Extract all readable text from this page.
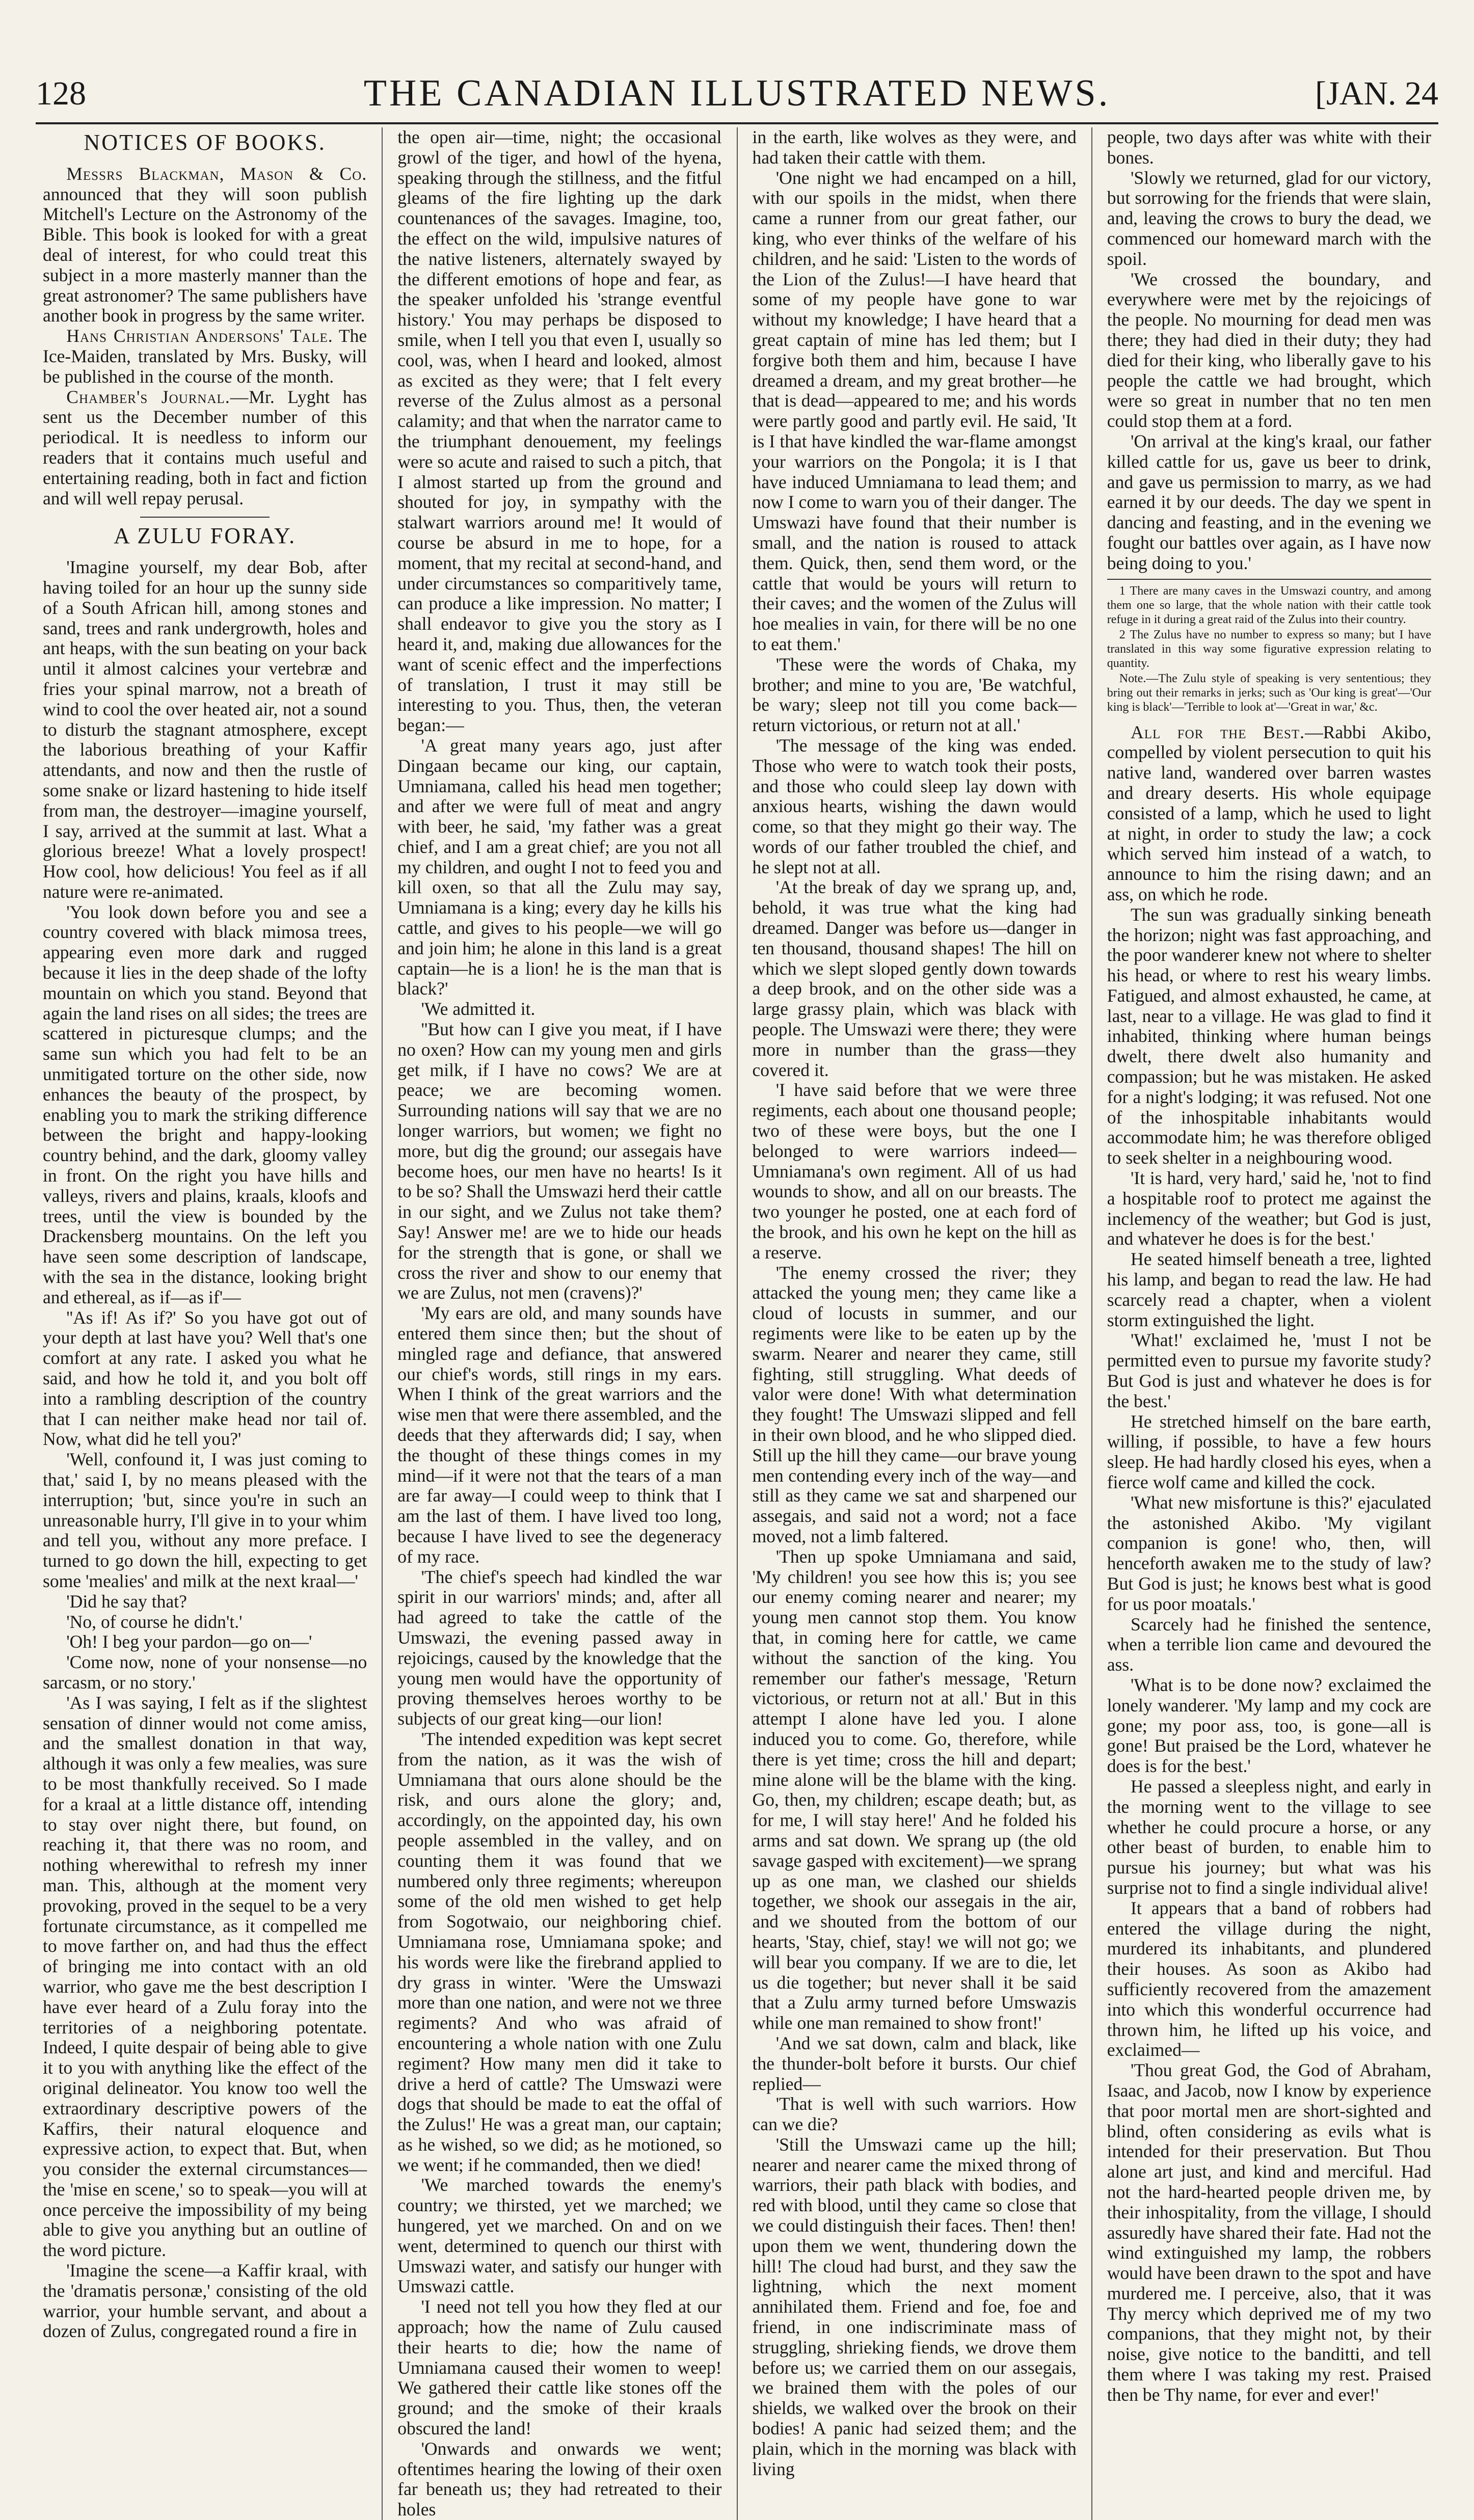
128	THE CANADIAN ILLUSTRATED NEWS.	[JAN. 24
NOTICES OF BOOKS.

Messrs Blackman, Mason & Co. announced that they will soon publish Mitchell's Lecture on the Astronomy of the Bible. This book is looked for with a great deal of interest, for who could treat this subject in a more masterly manner than the great astronomer? The same publishers have another book in progress by the same writer.

Hans Christian Andersons' Tale. The Ice-Maiden, translated by Mrs. Busky, will be published in the course of the month.

Chamber's Journal.—Mr. Lyght has sent us the December number of this periodical. It is needless to inform our readers that it contains much useful and entertaining reading, both in fact and fiction and will well repay perusal.

A ZULU FORAY.

'Imagine yourself, my dear Bob, after having toiled for an hour up the sunny side of a South African hill, among stones and sand, trees and rank undergrowth, holes and ant heaps, with the sun beating on your back until it almost calcines your vertebræ and fries your spinal marrow, not a breath of wind to cool the over heated air, not a sound to disturb the stagnant atmosphere, except the laborious breathing of your Kaffir attendants, and now and then the rustle of some snake or lizard hastening to hide itself from man, the destroyer—imagine yourself, I say, arrived at the summit at last. What a glorious breeze! What a lovely prospect! How cool, how delicious! You feel as if all nature were re-animated.

'You look down before you and see a country covered with black mimosa trees, appearing even more dark and rugged because it lies in the deep shade of the lofty mountain on which you stand. Beyond that again the land rises on all sides; the trees are scattered in picturesque clumps; and the same sun which you had felt to be an unmitigated torture on the other side, now enhances the beauty of the prospect, by enabling you to mark the striking difference between the bright and happy-looking country behind, and the dark, gloomy valley in front. On the right you have hills and valleys, rivers and plains, kraals, kloofs and trees, until the view is bounded by the Drackensberg mountains. On the left you have seen some description of landscape, with the sea in the distance, looking bright and ethereal, as if—as if'—

''As if! As if?' So you have got out of your depth at last have you? Well that's one comfort at any rate. I asked you what he said, and how he told it, and you bolt off into a rambling description of the country that I can neither make head nor tail of. Now, what did he tell you?'

'Well, confound it, I was just coming to that,' said I, by no means pleased with the interruption; 'but, since you're in such an unreasonable hurry, I'll give in to your whim and tell you, without any more preface. I turned to go down the hill, expecting to get some 'mealies' and milk at the next kraal—'

'Did he say that?

'No, of course he didn't.'

'Oh! I beg your pardon—go on—'

'Come now, none of your nonsense—no sarcasm, or no story.'

'As I was saying, I felt as if the slightest sensation of dinner would not come amiss, and the smallest donation in that way, although it was only a few mealies, was sure to be most thankfully received. So I made for a kraal at a little distance off, intending to stay over night there, but found, on reaching it, that there was no room, and nothing wherewithal to refresh my inner man. This, although at the moment very provoking, proved in the sequel to be a very fortunate circumstance, as it compelled me to move farther on, and had thus the effect of bringing me into contact with an old warrior, who gave me the best description I have ever heard of a Zulu foray into the territories of a neighboring potentate. Indeed, I quite despair of being able to give it to you with anything like the effect of the original delineator. You know too well the extraordinary descriptive powers of the Kaffirs, their natural eloquence and expressive action, to expect that. But, when you consider the external circumstances—the 'mise en scene,' so to speak—you will at once perceive the impossibility of my being able to give you anything but an outline of the word picture.

'Imagine the scene—a Kaffir kraal, with the 'dramatis personæ,' consisting of the old warrior, your humble servant, and about a dozen of Zulus, congregated round a fire in

the open air—time, night; the occasional growl of the tiger, and howl of the hyena, speaking through the stillness, and the fitful gleams of the fire lighting up the dark countenances of the savages. Imagine, too, the effect on the wild, impulsive natures of the native listeners, alternately swayed by the different emotions of hope and fear, as the speaker unfolded his 'strange eventful history.' You may perhaps be disposed to smile, when I tell you that even I, usually so cool, was, when I heard and looked, almost as excited as they were; that I felt every reverse of the Zulus almost as a personal calamity; and that when the narrator came to the triumphant denouement, my feelings were so acute and raised to such a pitch, that I almost started up from the ground and shouted for joy, in sympathy with the stalwart warriors around me! It would of course be absurd in me to hope, for a moment, that my recital at second-hand, and under circumstances so comparitively tame, can produce a like impression. No matter; I shall endeavor to give you the story as I heard it, and, making due allowances for the want of scenic effect and the imperfections of translation, I trust it may still be interesting to you. Thus, then, the veteran began:—

'A great many years ago, just after Dingaan became our king, our captain, Umniamana, called his head men together; and after we were full of meat and angry with beer, he said, 'my father was a great chief, and I am a great chief; are you not all my children, and ought I not to feed you and kill oxen, so that all the Zulu may say, Umniamana is a king; every day he kills his cattle, and gives to his people—we will go and join him; he alone in this land is a great captain—he is a lion! he is the man that is black?'

'We admitted it.

''But how can I give you meat, if I have no oxen? How can my young men and girls get milk, if I have no cows? We are at peace; we are becoming women. Surrounding nations will say that we are no longer warriors, but women; we fight no more, but dig the ground; our assegais have become hoes, our men have no hearts! Is it to be so? Shall the Umswazi herd their cattle in our sight, and we Zulus not take them? Say! Answer me! are we to hide our heads for the strength that is gone, or shall we cross the river and show to our enemy that we are Zulus, not men (cravens)?'

'My ears are old, and many sounds have entered them since then; but the shout of mingled rage and defiance, that answered our chief's words, still rings in my ears. When I think of the great warriors and the wise men that were there assembled, and the deeds that they afterwards did; I say, when the thought of these things comes in my mind—if it were not that the tears of a man are far away—I could weep to think that I am the last of them. I have lived too long, because I have lived to see the degeneracy of my race.

'The chief's speech had kindled the war spirit in our warriors' minds; and, after all had agreed to take the cattle of the Umswazi, the evening passed away in rejoicings, caused by the knowledge that the young men would have the opportunity of proving themselves heroes worthy to be subjects of our great king—our lion!

'The intended expedition was kept secret from the nation, as it was the wish of Umniamana that ours alone should be the risk, and ours alone the glory; and, accordingly, on the appointed day, his own people assembled in the valley, and on counting them it was found that we numbered only three regiments; whereupon some of the old men wished to get help from Sogotwaio, our neighboring chief. Umniamana rose, Umniamana spoke; and his words were like the firebrand applied to dry grass in winter. 'Were the Umswazi more than one nation, and were not we three regiments? And who was afraid of encountering a whole nation with one Zulu regiment? How many men did it take to drive a herd of cattle? The Umswazi were dogs that should be made to eat the offal of the Zulus!' He was a great man, our captain; as he wished, so we did; as he motioned, so we went; if he commanded, then we died!

'We marched towards the enemy's country; we thirsted, yet we marched; we hungered, yet we marched. On and on we went, determined to quench our thirst with Umswazi water, and satisfy our hunger with Umswazi cattle.

'I need not tell you how they fled at our approach; how the name of Zulu caused their hearts to die; how the name of Umniamana caused their women to weep! We gathered their cattle like stones off the ground; and the smoke of their kraals obscured the land!

'Onwards and onwards we went; oftentimes hearing the lowing of their oxen far beneath us; they had retreated to their holes

in the earth, like wolves as they were, and had taken their cattle with them.

'One night we had encamped on a hill, with our spoils in the midst, when there came a runner from our great father, our king, who ever thinks of the welfare of his children, and he said: 'Listen to the words of the Lion of the Zulus!—I have heard that some of my people have gone to war without my knowledge; I have heard that a great captain of mine has led them; but I forgive both them and him, because I have dreamed a dream, and my great brother—he that is dead—appeared to me; and his words were partly good and partly evil. He said, 'It is I that have kindled the war-flame amongst your warriors on the Pongola; it is I that have induced Umniamana to lead them; and now I come to warn you of their danger. The Umswazi have found that their number is small, and the nation is roused to attack them. Quick, then, send them word, or the cattle that would be yours will return to their caves; and the women of the Zulus will hoe mealies in vain, for there will be no one to eat them.'

'These were the words of Chaka, my brother; and mine to you are, 'Be watchful, be wary; sleep not till you come back—return victorious, or return not at all.'

'The message of the king was ended. Those who were to watch took their posts, and those who could sleep lay down with anxious hearts, wishing the dawn would come, so that they might go their way. The words of our father troubled the chief, and he slept not at all.

'At the break of day we sprang up, and, behold, it was true what the king had dreamed. Danger was before us—danger in ten thousand, thousand shapes! The hill on which we slept sloped gently down towards a deep brook, and on the other side was a large grassy plain, which was black with people. The Umswazi were there; they were more in number than the grass—they covered it.

'I have said before that we were three regiments, each about one thousand people; two of these were boys, but the one I belonged to were warriors indeed—Umniamana's own regiment. All of us had wounds to show, and all on our breasts. The two younger he posted, one at each ford of the brook, and his own he kept on the hill as a reserve.

'The enemy crossed the river; they attacked the young men; they came like a cloud of locusts in summer, and our regiments were like to be eaten up by the swarm. Nearer and nearer they came, still fighting, still struggling. What deeds of valor were done! With what determination they fought! The Umswazi slipped and fell in their own blood, and he who slipped died. Still up the hill they came—our brave young men contending every inch of the way—and still as they came we sat and sharpened our assegais, and said not a word; not a face moved, not a limb faltered.

'Then up spoke Umniamana and said, 'My children! you see how this is; you see our enemy coming nearer and nearer; my young men cannot stop them. You know that, in coming here for cattle, we came without the sanction of the king. You remember our father's message, 'Return victorious, or return not at all.' But in this attempt I alone have led you. I alone induced you to come. Go, therefore, while there is yet time; cross the hill and depart; mine alone will be the blame with the king. Go, then, my children; escape death; but, as for me, I will stay here!' And he folded his arms and sat down. We sprang up (the old savage gasped with excitement)—we sprang up as one man, we clashed our shields together, we shook our assegais in the air, and we shouted from the bottom of our hearts, 'Stay, chief, stay! we will not go; we will bear you company. If we are to die, let us die together; but never shall it be said that a Zulu army turned before Umswazis while one man remained to show front!'

'And we sat down, calm and black, like the thunder-bolt before it bursts. Our chief replied—

'That is well with such warriors. How can we die?

'Still the Umswazi came up the hill; nearer and nearer came the mixed throng of warriors, their path black with bodies, and red with blood, until they came so close that we could distinguish their faces. Then! then! upon them we went, thundering down the hill! The cloud had burst, and they saw the lightning, which the next moment annihilated them. Friend and foe, foe and friend, in one indiscriminate mass of struggling, shrieking fiends, we drove them before us; we carried them on our assegais, we brained them with the poles of our shields, we walked over the brook on their bodies! A panic had seized them; and the plain, which in the morning was black with living

people, two days after was white with their bones.

'Slowly we returned, glad for our victory, but sorrowing for the friends that were slain, and, leaving the crows to bury the dead, we commenced our homeward march with the spoil.

'We crossed the boundary, and everywhere were met by the rejoicings of the people. No mourning for dead men was there; they had died in their duty; they had died for their king, who liberally gave to his people the cattle we had brought, which were so great in number that no ten men could stop them at a ford.

'On arrival at the king's kraal, our father killed cattle for us, gave us beer to drink, and gave us permission to marry, as we had earned it by our deeds. The day we spent in dancing and feasting, and in the evening we fought our battles over again, as I have now being doing to you.'

1 There are many caves in the Umswazi country, and among them one so large, that the whole nation with their cattle took refuge in it during a great raid of the Zulus into their country.

2 The Zulus have no number to express so many; but I have translated in this way some figurative expression relating to quantity.

Note.—The Zulu style of speaking is very sententious; they bring out their remarks in jerks; such as 'Our king is great'—'Our king is black'—'Terrible to look at'—'Great in war,' &c.

All for the Best.—Rabbi Akibo, compelled by violent persecution to quit his native land, wandered over barren wastes and dreary deserts. His whole equipage consisted of a lamp, which he used to light at night, in order to study the law; a cock which served him instead of a watch, to announce to him the rising dawn; and an ass, on which he rode.

The sun was gradually sinking beneath the horizon; night was fast approaching, and the poor wanderer knew not where to shelter his head, or where to rest his weary limbs. Fatigued, and almost exhausted, he came, at last, near to a village. He was glad to find it inhabited, thinking where human beings dwelt, there dwelt also humanity and compassion; but he was mistaken. He asked for a night's lodging; it was refused. Not one of the inhospitable inhabitants would accommodate him; he was therefore obliged to seek shelter in a neighbouring wood.

'It is hard, very hard,' said he, 'not to find a hospitable roof to protect me against the inclemency of the weather; but God is just, and whatever he does is for the best.'

He seated himself beneath a tree, lighted his lamp, and began to read the law. He had scarcely read a chapter, when a violent storm extinguished the light.

'What!' exclaimed he, 'must I not be permitted even to pursue my favorite study? But God is just and whatever he does is for the best.'

He stretched himself on the bare earth, willing, if possible, to have a few hours sleep. He had hardly closed his eyes, when a fierce wolf came and killed the cock.

'What new misfortune is this?' ejaculated the astonished Akibo. 'My vigilant companion is gone! who, then, will henceforth awaken me to the study of law? But God is just; he knows best what is good for us poor moatals.'

Scarcely had he finished the sentence, when a terrible lion came and devoured the ass.

'What is to be done now? exclaimed the lonely wanderer. 'My lamp and my cock are gone; my poor ass, too, is gone—all is gone! But praised be the Lord, whatever he does is for the best.'

He passed a sleepless night, and early in the morning went to the village to see whether he could procure a horse, or any other beast of burden, to enable him to pursue his journey; but what was his surprise not to find a single individual alive!

It appears that a band of robbers had entered the village during the night, murdered its inhabitants, and plundered their houses. As soon as Akibo had sufficiently recovered from the amazement into which this wonderful occurrence had thrown him, he lifted up his voice, and exclaimed—

'Thou great God, the God of Abraham, Isaac, and Jacob, now I know by experience that poor mortal men are short-sighted and blind, often considering as evils what is intended for their preservation. But Thou alone art just, and kind and merciful. Had not the hard-hearted people driven me, by their inhospitality, from the village, I should assuredly have shared their fate. Had not the wind extinguished my lamp, the robbers would have been drawn to the spot and have murdered me. I perceive, also, that it was Thy mercy which deprived me of my two companions, that they might not, by their noise, give notice to the banditti, and tell them where I was taking my rest. Praised then be Thy name, for ever and ever!'
